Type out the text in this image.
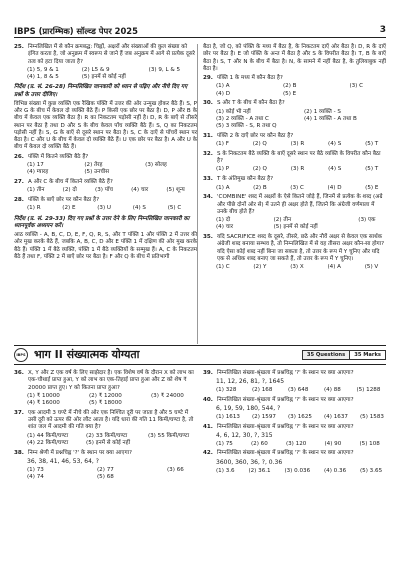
IBPS (प्रारम्भिक) सॉल्व्ड पेपर 2025	3
25. निम्नलिखित में से कौन क्रमबद्ध: चिह्नों, अक्षरों और संख्याओं की कुल संख्या को इंगित करता है, जो अनुक्रम में स्वरूप से जाने हैं जब अनुक्रम में आगे से प्रत्येक दूसरे तत्व को हटा दिया जाता है?
(1) 5, 9 & 1	(2) L5 & 9	(3) 9, L & 5
(4) 1, 8 & 5	(5) इनमें से कोई नहीं
निर्देश (प्र. सं. 26-28) निम्नलिखित जानकारी को ध्यान से पढ़िए और नीचे दिए गए प्रश्नों के उत्तर दीजिए।
विभिन्न संख्या में कुछ व्यक्ति एक रैखिक पंक्ति में उत्तर की ओर उन्मुख होकर बैठे हैं। S, P और G के बीच में केवल दो व्यक्ति बैठे हैं। P किसी एक छोर पर बैठा है। D, P और B के बीच में केवल एक व्यक्ति बैठा है। R का निकटतम पड़ोसी नहीं है। D, R के बाएँ से तीसरे स्थान पर बैठा है तथा D और S के बीच केवल पाँच व्यक्ति बैठे हैं। S, Q का निकटतम पड़ोसी नहीं है। S, G के बाएँ से दूसरे स्थान पर बैठा है। S, C के दाएँ से पाँचवें स्थान पर बैठा है। C और U के बीच में केवल दो व्यक्ति बैठे हैं। U एक छोर पर बैठा है। A और U के बीच में केवल दो व्यक्ति बैठे हैं।
26. पंक्ति में कितने व्यक्ति बैठे हैं?
(1) 17	(2) तेरह	(3) सोलह
(4) ग्यारह	(5) उनचीस
27. A और C के बीच में कितने व्यक्ति बैठे हैं?
(1) तीन	(2) दो	(3) पाँच	(4) चार	(5) शून्य
28. पंक्ति के बाएँ छोर पर कौन बैठा है?
(1) R	(2) E	(3) U	(4) S	(5) C
निर्देश (प्र. सं. 29-33) दिए गए प्रश्नों के उत्तर देने के लिए निम्नलिखित जानकारी का ध्यानपूर्वक अध्ययन करें।
आठ व्यक्ति - A, B, C, D, E, F, Q, R, S, और T पंक्ति 1 और पंक्ति 2 में उत्तर की ओर मुख करके बैठे हैं, जबकि A, B, C, D और E पंक्ति 1 में दक्षिण की ओर मुख करके बैठे हैं। पंक्ति 1 में बैठे व्यक्ति, पंक्ति 1 में बैठे व्यक्तियों के सम्मुख हैं। A, C के निकटतम बैठे हैं तथा F, पंक्ति 2 में बाएँ छोर पर बैठा है। F और Q के बीच में प्रतिभागी
बैठा है, जो Q, को पंक्ति के मध्य में बैठा है, के निकटतम दाएँ ओर बैठा है। D, R के दाएँ छोर पर बैठा है। E जो पंक्ति के अन्त में बैठा है और S के विपरीत बैठा है। T, B के बाएँ बैठा है। S, T और N के बीच में बैठा है। N, के सामने में नहीं बैठा है, के तुलियाबुक नहीं बैठा है।
29. पंक्ति 1 के मध्य में कौन बैठा है?
(1) A	(2) B	(3) C
(4) D	(5) E
30. S और T के बीच में कौन बैठा है?
(1) कोई भी नहीं	(2) 1 व्यक्ति - S
(3) 2 व्यक्ति - A तथा C	(4) 1 व्यक्ति - A तथा B
(5) 3 व्यक्ति - S, R तथा Q
31. पंक्ति 2 के दाएँ छोर पर कौन बैठा है?
(1) F	(2) Q	(3) R	(4) S	(5) T
32. S के निकटतम बैठे व्यक्ति के बाएँ दूसरे स्थान पर बैठे व्यक्ति के विपरीत कौन बैठा है?
(1) P	(2) Q	(3) R	(4) S	(5) T
33. T के अंतिमुख कौन बैठा है?
(1) A	(2) B	(3) C	(4) D	(5) E
34. 'COMBINE' शब्द में अक्षरों के ऐसे कितने जोड़े हैं, जिनमें से प्रत्येक के शब्द (अग्रे और पीछे दोनों ओर से) में उतने ही अक्षर होते हैं, जितने कि अंग्रेजी वर्णमाला में उनके बीच होते हैं?
(1) दो	(2) तीन	(3) एक
(4) चार	(5) इनमें से कोई नहीं
35. यदि SACRIFICE शब्द के दूसरे, तीसरे, छठे और नौवें अक्षर से केवल एक सार्थक अंग्रेजी शब्द बनाया सम्भव है, तो निम्नलिखित में से वह तीसरा अक्षर कौन-सा होगा? यदि ऐसा कोई शब्द नहीं बिना जा सकता है, तो उत्तर के रूप में Y चुनिए और यदि एक से अधिक शब्द बनाए जा सकते हैं, तो उत्तर के रूप में Y चुनिए।
(1) C	(2) Y	(3) X	(4) A	(5) V
IBPS भाग II संख्यात्मक योग्यता	35 Questions	35 Marks
36. X, Y और Z एक वर्ष के लिए साझेदार है। एक विशेष वर्ष के दौरान X को लाभ का एक-चौथाई प्राप्त हुआ, Y को लाभ का एक-तिहाई प्राप्त हुआ और Z को शेष ₹ 20000 प्राप्त हुए। Y को कितना प्राप्त हुआ?
(1) ₹ 10000	(2) ₹ 12000	(3) ₹ 24000
(4) ₹ 16000	(5) ₹ 18000
37. एक आदमी 3 घण्टे में नीचे की ओर एक निश्चित दूरी पर जाता है और 5 घण्टे में उसी दूरी को ऊपर की ओर लौट आता है। यदि धारा की गति 11 किमी/घण्टा है, तो शांत जल में आदमी की गति क्या है?
(1) 44 किमी/घण्टा	(2) 33 किमी/घण्टा	(3) 55 किमी/घण्टा
(4) 22 किमी/घण्टा	(5) इनमें से कोई नहीं
38. निम्न श्रेणी में प्रश्नचिह्न '?' के स्थान पर क्या आएगा?
36, 38, 41, 46, 53, 64, ?
(1) 73	(2) 77	(3) 66
(4) 74	(5) 68
39. निम्नलिखित संख्या-श्रृंखला में प्रश्नचिह्न '?' के स्थान पर क्या आएगा?
11, 12, 26, 81, ?, 1645
(1) 328	(2) 168	(3) 648	(4) 88	(5) 1288
40. निम्नलिखित संख्या-श्रृंखला में प्रश्नचिह्न '?' के स्थान पर क्या आएगा?
6, 19, 59, 180, 544, ?
(1) 1613	(2) 1597	(3) 1625	(4) 1637	(5) 1583
41. निम्नलिखित संख्या-श्रृंखला में प्रश्नचिह्न '?' के स्थान पर क्या आएगा?
4, 6, 12, 30, ?, 315
(1) 75	(2) 60	(3) 120	(4) 90	(5) 108
42. निम्नलिखित संख्या-श्रृंखला में प्रश्नचिह्न '?' के स्थान पर क्या आएगा?
3600, 360, 36, ?, 0.36
(1) 3.6	(2) 36.1	(3) 0.036	(4) 0.36	(5) 3.65
